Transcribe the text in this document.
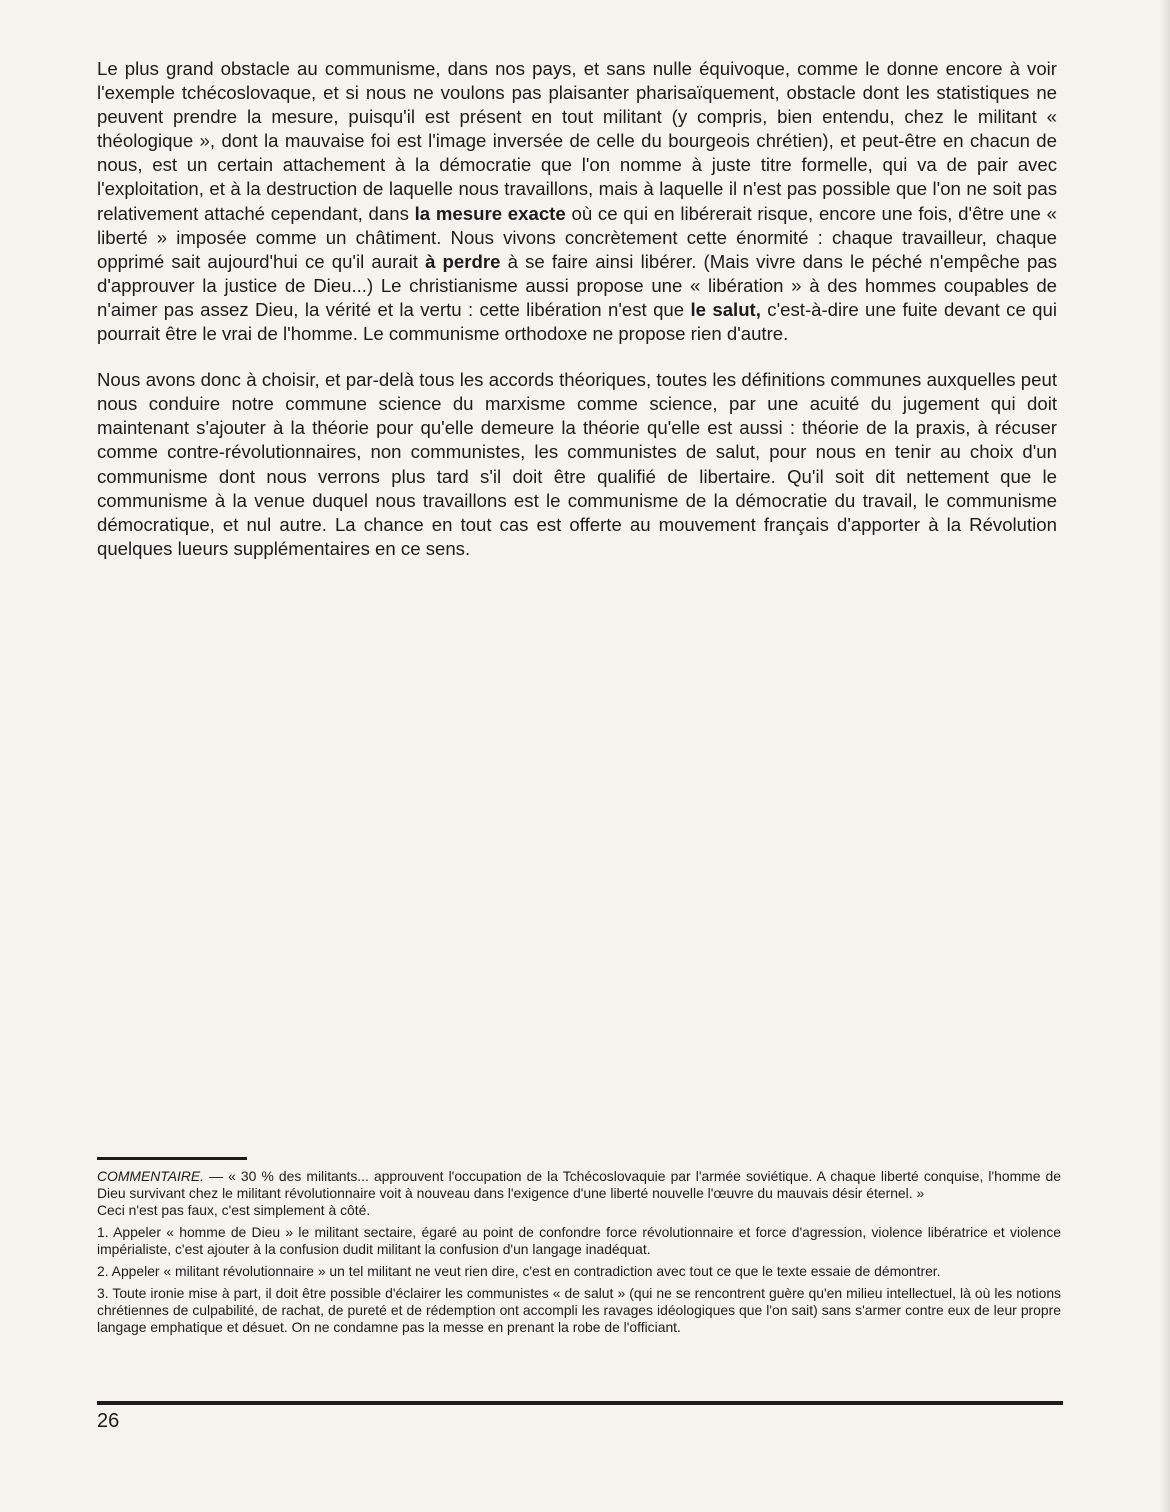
Le plus grand obstacle au communisme, dans nos pays, et sans nulle équivoque, comme le donne encore à voir l'exemple tchécoslovaque, et si nous ne voulons pas plaisanter pharisaïquement, obstacle dont les statistiques ne peuvent prendre la mesure, puisqu'il est présent en tout militant (y compris, bien entendu, chez le militant « théologique », dont la mauvaise foi est l'image inversée de celle du bourgeois chrétien), et peut-être en chacun de nous, est un certain attachement à la démocratie que l'on nomme à juste titre formelle, qui va de pair avec l'exploitation, et à la destruction de laquelle nous travaillons, mais à laquelle il n'est pas possible que l'on ne soit pas relativement attaché cependant, dans la mesure exacte où ce qui en libérerait risque, encore une fois, d'être une « liberté » imposée comme un châtiment. Nous vivons concrètement cette énormité : chaque travailleur, chaque opprimé sait aujourd'hui ce qu'il aurait à perdre à se faire ainsi libérer. (Mais vivre dans le péché n'empêche pas d'approuver la justice de Dieu...) Le christianisme aussi propose une « libération » à des hommes coupables de n'aimer pas assez Dieu, la vérité et la vertu : cette libération n'est que le salut, c'est-à-dire une fuite devant ce qui pourrait être le vrai de l'homme. Le communisme orthodoxe ne propose rien d'autre.

Nous avons donc à choisir, et par-delà tous les accords théoriques, toutes les définitions communes auxquelles peut nous conduire notre commune science du marxisme comme science, par une acuité du jugement qui doit maintenant s'ajouter à la théorie pour qu'elle demeure la théorie qu'elle est aussi : théorie de la praxis, à récuser comme contre-révolutionnaires, non communistes, les communistes de salut, pour nous en tenir au choix d'un communisme dont nous verrons plus tard s'il doit être qualifié de libertaire. Qu'il soit dit nettement que le communisme à la venue duquel nous travaillons est le communisme de la démocratie du travail, le communisme démocratique, et nul autre. La chance en tout cas est offerte au mouvement français d'apporter à la Révolution quelques lueurs supplémentaires en ce sens.

COMMENTAIRE. — « 30 % des militants... approuvent l'occupation de la Tchécoslovaquie par l'armée soviétique. A chaque liberté conquise, l'homme de Dieu survivant chez le militant révolutionnaire voit à nouveau dans l'exigence d'une liberté nouvelle l'œuvre du mauvais désir éternel. »

Ceci n'est pas faux, c'est simplement à côté.

1. Appeler « homme de Dieu » le militant sectaire, égaré au point de confondre force révolutionnaire et force d'agression, violence libératrice et violence impérialiste, c'est ajouter à la confusion dudit militant la confusion d'un langage inadéquat.

2. Appeler « militant révolutionnaire » un tel militant ne veut rien dire, c'est en contradiction avec tout ce que le texte essaie de démontrer.

3. Toute ironie mise à part, il doit être possible d'éclairer les communistes « de salut » (qui ne se rencontrent guère qu'en milieu intellectuel, là où les notions chrétiennes de culpabilité, de rachat, de pureté et de rédemption ont accompli les ravages idéologiques que l'on sait) sans s'armer contre eux de leur propre langage emphatique et désuet. On ne condamne pas la messe en prenant la robe de l'officiant.

26
